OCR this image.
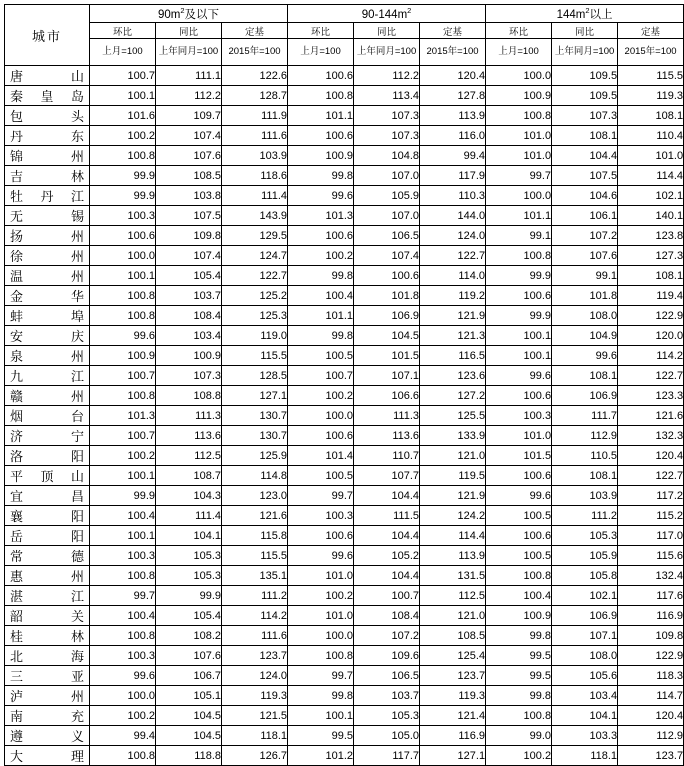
城市	$90m^2$及以下			$90-144m^2$			$144m^2$以上		
	环比	同比	定基	环比	同比	定基	环比	同比	定基
	上月=100	上年同月=100	2015年=100	上月=100	上年同月=100	2015年=100	上月=100	上年同月=100	2015年=100

唐山	100.7	111.1	122.6	100.6	112.2	120.4	100.0	109.5	115.5

秦皇岛	100.1	112.2	128.7	100.8	113.4	127.8	100.9	109.5	119.3

包头	101.6	109.7	111.9	101.1	107.3	113.9	100.8	107.3	108.1

丹东	100.2	107.4	111.6	100.6	107.3	116.0	101.0	108.1	110.4

锦州	100.8	107.6	103.9	100.9	104.8	99.4	101.0	104.4	101.0

吉林	99.9	108.5	118.6	99.8	107.0	117.9	99.7	107.5	114.4

牡丹江	99.9	103.8	111.4	99.6	105.9	110.3	100.0	104.6	102.1

无锡	100.3	107.5	143.9	101.3	107.0	144.0	101.1	106.1	140.1

扬州	100.6	109.8	129.5	100.6	106.5	124.0	99.1	107.2	123.8

徐州	100.0	107.4	124.7	100.2	107.4	122.7	100.8	107.6	127.3

温州	100.1	105.4	122.7	99.8	100.6	114.0	99.9	99.1	108.1

金华	100.8	103.7	125.2	100.4	101.8	119.2	100.6	101.8	119.4

蚌埠	100.8	108.4	125.3	101.1	106.9	121.9	99.9	108.0	122.9

安庆	99.6	103.4	119.0	99.8	104.5	121.3	100.1	104.9	120.0

泉州	100.9	100.9	115.5	100.5	101.5	116.5	100.1	99.6	114.2

九江	100.7	107.3	128.5	100.7	107.1	123.6	99.6	108.1	122.7

赣州	100.8	108.8	127.1	100.2	106.6	127.2	100.6	106.9	123.3

烟台	101.3	111.3	130.7	100.0	111.3	125.5	100.3	111.7	121.6

济宁	100.7	113.6	130.7	100.6	113.6	133.9	101.0	112.9	132.3

洛阳	100.2	112.5	125.9	101.4	110.7	121.0	101.5	110.5	120.4

平顶山	100.1	108.7	114.8	100.5	107.7	119.5	100.6	108.1	122.7

宜昌	99.9	104.3	123.0	99.7	104.4	121.9	99.6	103.9	117.2

襄阳	100.4	111.4	121.6	100.3	111.5	124.2	100.5	111.2	115.2

岳阳	100.1	104.1	115.8	100.6	104.4	114.4	100.6	105.3	117.0

常德	100.3	105.3	115.5	99.6	105.2	113.9	100.5	105.9	115.6

惠州	100.8	105.3	135.1	101.0	104.4	131.5	100.8	105.8	132.4

湛江	99.7	99.9	111.2	100.2	100.7	112.5	100.4	102.1	117.6

韶关	100.4	105.4	114.2	101.0	108.4	121.0	100.9	106.9	116.9

桂林	100.8	108.2	111.6	100.0	107.2	108.5	99.8	107.1	109.8

北海	100.3	107.6	123.7	100.8	109.6	125.4	99.5	108.0	122.9

三亚	99.6	106.7	124.0	99.7	106.5	123.7	99.5	105.6	118.3

泸州	100.0	105.1	119.3	99.8	103.7	119.3	99.8	103.4	114.7

南充	100.2	104.5	121.5	100.1	105.3	121.4	100.8	104.1	120.4

遵义	99.4	104.5	118.1	99.5	105.0	116.9	99.0	103.3	112.9

大理	100.8	118.8	126.7	101.2	117.7	127.1	100.2	118.1	123.7
